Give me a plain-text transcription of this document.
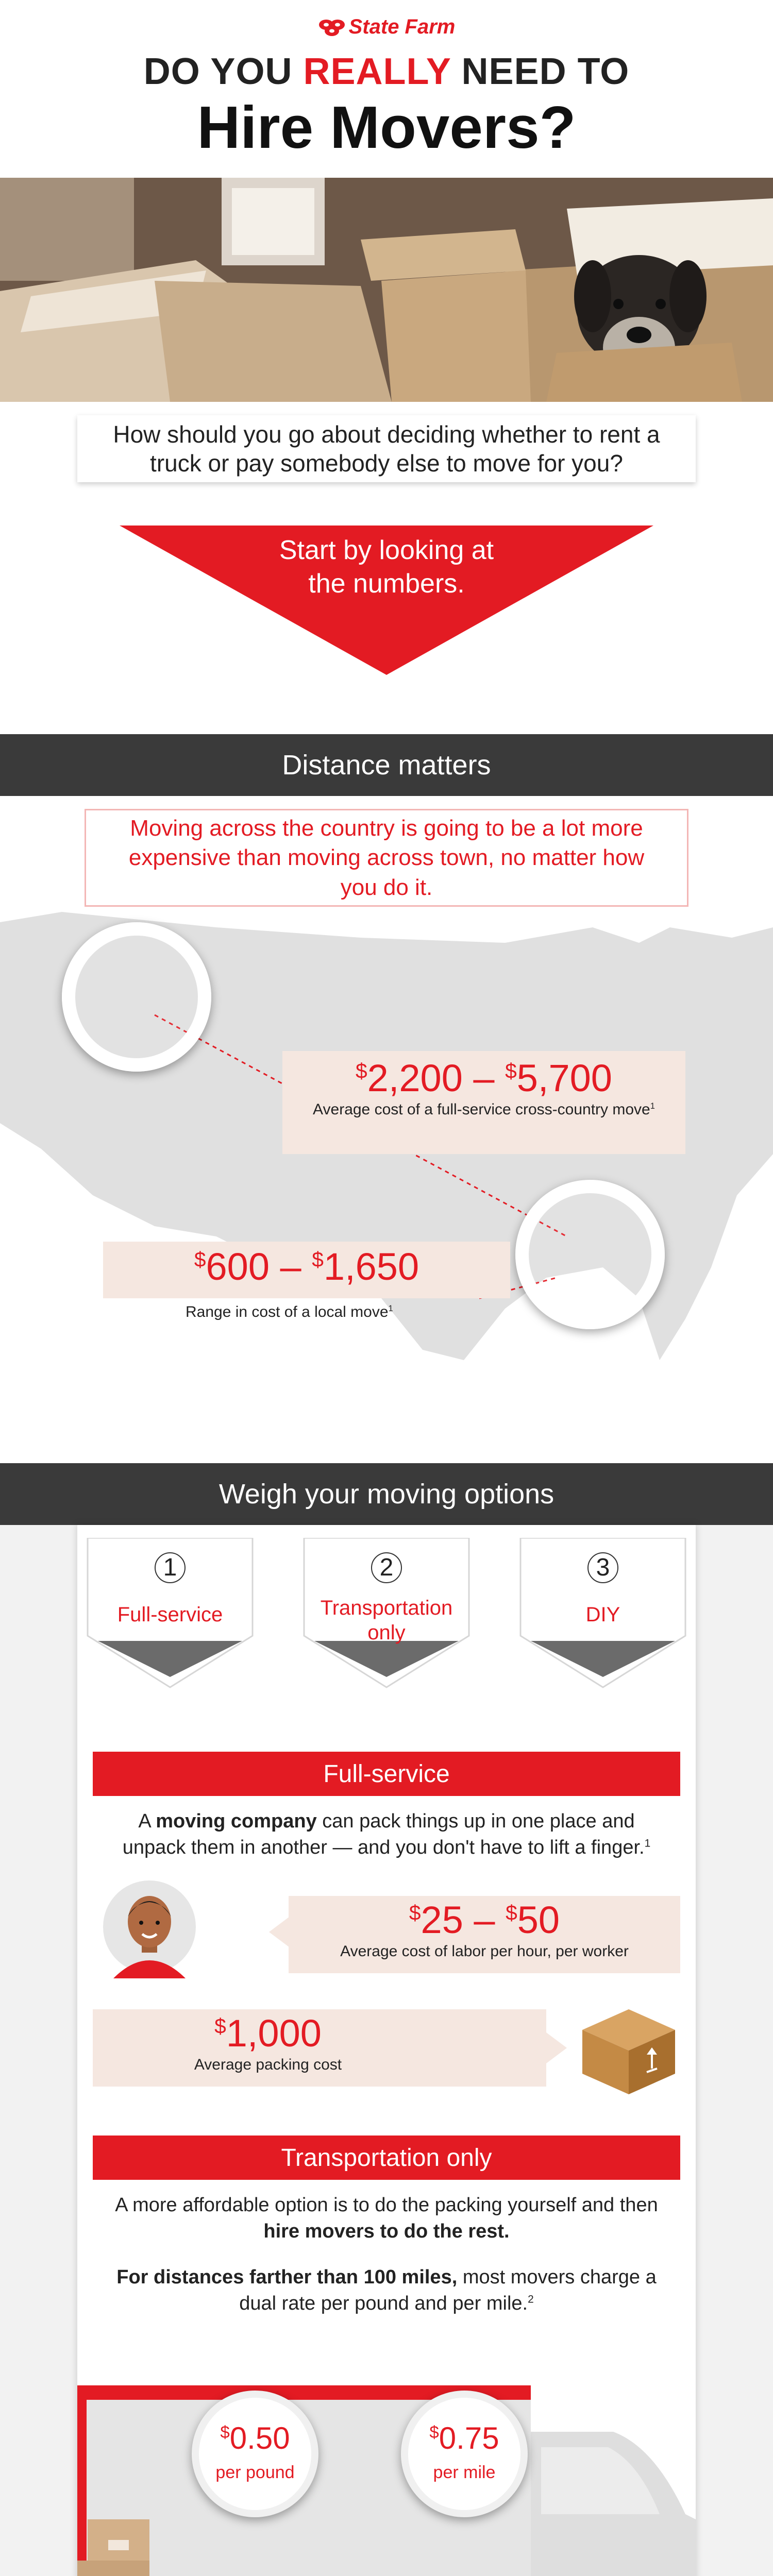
State Farm
DO YOU REALLY NEED TO
Hire Movers?
How should you go about deciding whether to rent a truck or pay somebody else to move for you?
Start by looking at the numbers.
Distance matters
Moving across the country is going to be a lot more expensive than moving across town, no matter how you do it.
$2,200 – $5,700
Average cost of a full-service cross-country move$^1$
$600 – $1,650
Range in cost of a local move$^1$
Weigh your moving options
1
Full-service
2
Transportation only
3
DIY
Full-service
A moving company can pack things up in one place and unpack them in another — and you don't have to lift a finger.$^1$
$25 – $50
Average cost of labor per hour, per worker
$1,000
Average packing cost
Transportation only
A more affordable option is to do the packing yourself and then hire movers to do the rest.
For distances farther than 100 miles, most movers charge a dual rate per pound and per mile.$^2$
$0.50
per pound
$0.75
per mile
